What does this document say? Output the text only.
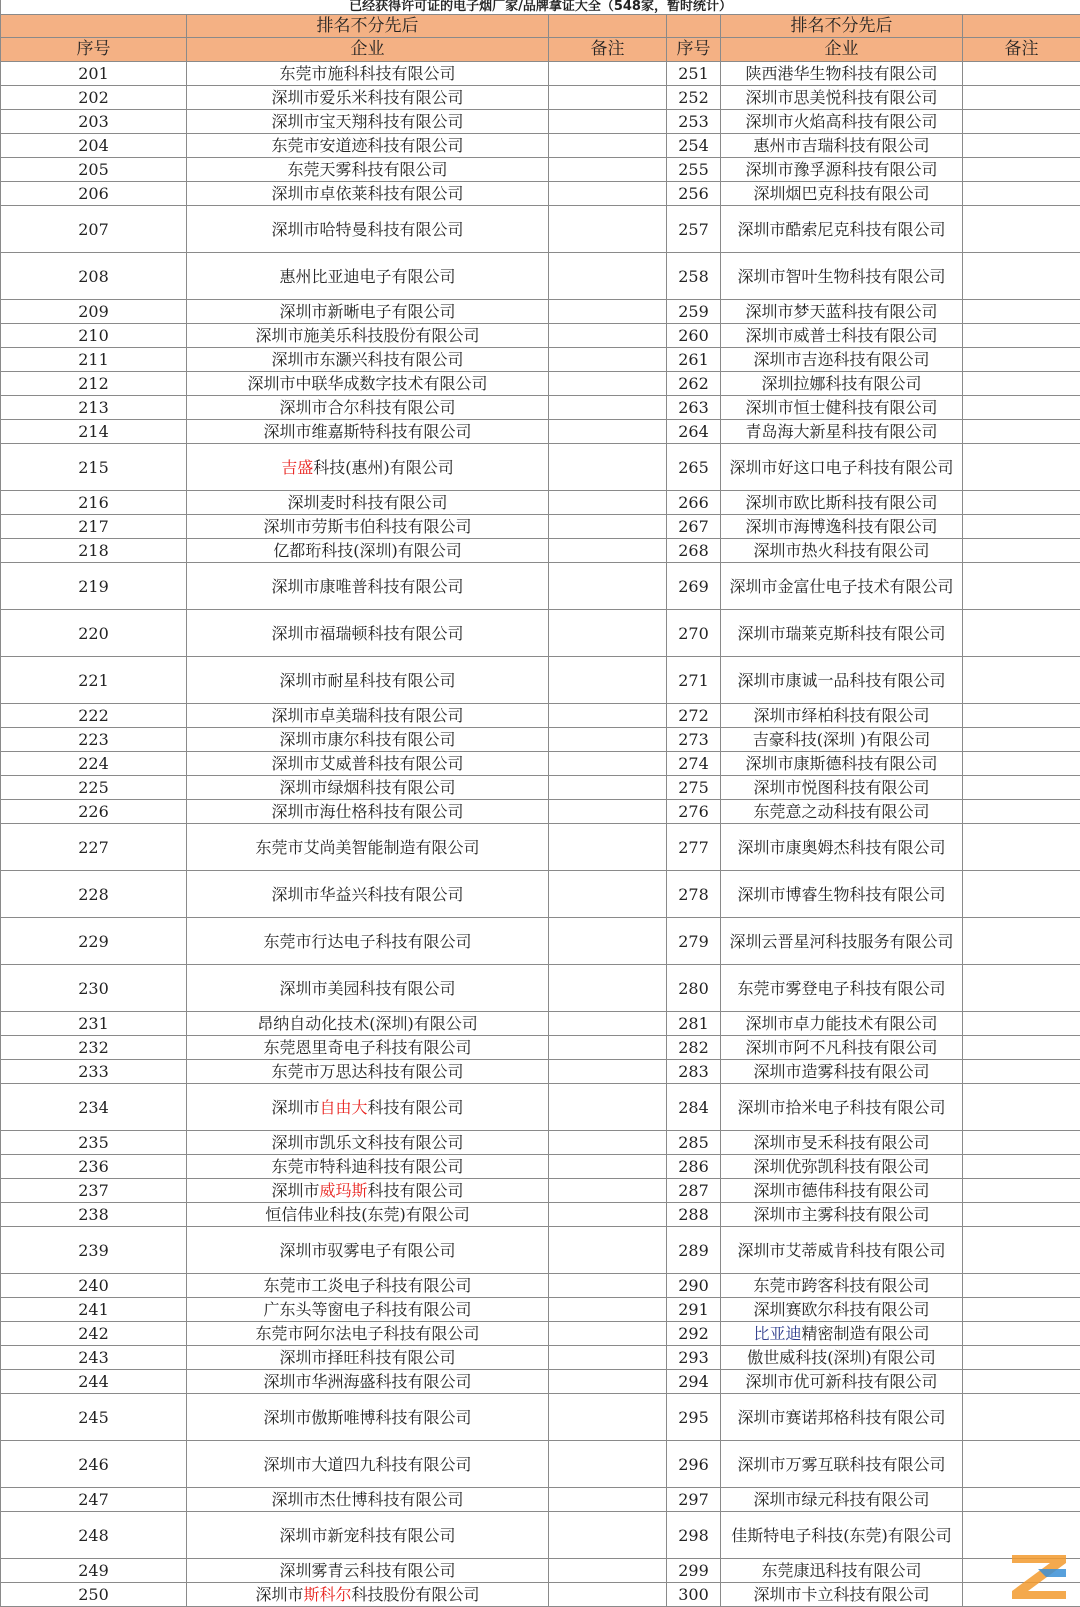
已经获得许可证的电子烟厂家/品牌拿证大全（548家，暂时统计）					
	排名不分先后			排名不分先后	
序号	企业	备注	序号	企业	备注
201	东莞市施科科技有限公司		251	陕西港华生物科技有限公司	
202	深圳市爱乐米科技有限公司		252	深圳市思美悦科技有限公司	
203	深圳市宝天翔科技有限公司		253	深圳市火焰高科技有限公司	
204	东莞市安道迹科技有限公司		254	惠州市吉瑞科技有限公司	
205	东莞天雾科技有限公司		255	深圳市豫孚源科技有限公司	
206	深圳市卓依莱科技有限公司		256	深圳烟巴克科技有限公司	
207	深圳市哈特曼科技有限公司		257	深圳市酷索尼克科技有限公司	
208	惠州比亚迪电子有限公司		258	深圳市智叶生物科技有限公司	
209	深圳市新晰电子有限公司		259	深圳市梦天蓝科技有限公司	
210	深圳市施美乐科技股份有限公司		260	深圳市威普士科技有限公司	
211	深圳市东灏兴科技有限公司		261	深圳市吉迩科技有限公司	
212	深圳市中联华成数字技术有限公司		262	深圳拉娜科技有限公司	
213	深圳市合尔科技有限公司		263	深圳市恒士健科技有限公司	
214	深圳市维嘉斯特科技有限公司		264	青岛海大新星科技有限公司	
215	吉盛科技(惠州)有限公司		265	深圳市好这口电子科技有限公司	
216	深圳麦时科技有限公司		266	深圳市欧比斯科技有限公司	
217	深圳市劳斯韦伯科技有限公司		267	深圳市海博逸科技有限公司	
218	亿都珩科技(深圳)有限公司		268	深圳市热火科技有限公司	
219	深圳市康唯普科技有限公司		269	深圳市金富仕电子技术有限公司	
220	深圳市福瑞顿科技有限公司		270	深圳市瑞莱克斯科技有限公司	
221	深圳市耐星科技有限公司		271	深圳市康诚一品科技有限公司	
222	深圳市卓美瑞科技有限公司		272	深圳市绎柏科技有限公司	
223	深圳市康尔科技有限公司		273	吉豪科技(深圳 )有限公司	
224	深圳市艾威普科技有限公司		274	深圳市康斯德科技有限公司	
225	深圳市绿烟科技有限公司		275	深圳市悦图科技有限公司	
226	深圳市海仕格科技有限公司		276	东莞意之动科技有限公司	
227	东莞市艾尚美智能制造有限公司		277	深圳市康奥姆杰科技有限公司	
228	深圳市华益兴科技有限公司		278	深圳市博睿生物科技有限公司	
229	东莞市行达电子科技有限公司		279	深圳云晋星河科技服务有限公司	
230	深圳市美园科技有限公司		280	东莞市雾登电子科技有限公司	
231	昂纳自动化技术(深圳)有限公司		281	深圳市卓力能技术有限公司	
232	东莞恩里奇电子科技有限公司		282	深圳市阿不凡科技有限公司	
233	东莞市万思达科技有限公司		283	深圳市造雾科技有限公司	
234	深圳市自由大科技有限公司		284	深圳市拾米电子科技有限公司	
235	深圳市凯乐文科技有限公司		285	深圳市旻禾科技有限公司	
236	东莞市特科迪科技有限公司		286	深圳优弥凯科技有限公司	
237	深圳市威玛斯科技有限公司		287	深圳市德伟科技有限公司	
238	恒信伟业科技(东莞)有限公司		288	深圳市主雾科技有限公司	
239	深圳市驭雾电子有限公司		289	深圳市艾蒂威肯科技有限公司	
240	东莞市工炎电子科技有限公司		290	东莞市跨客科技有限公司	
241	广东头等窗电子科技有限公司		291	深圳赛欧尔科技有限公司	
242	东莞市阿尔法电子科技有限公司		292	比亚迪精密制造有限公司	
243	深圳市择旺科技有限公司		293	傲世威科技(深圳)有限公司	
244	深圳市华洲海盛科技有限公司		294	深圳市优可新科技有限公司	
245	深圳市傲斯唯博科技有限公司		295	深圳市赛诺邦格科技有限公司	
246	深圳市大道四九科技有限公司		296	深圳市万雾互联科技有限公司	
247	深圳市杰仕博科技有限公司		297	深圳市绿元科技有限公司	
248	深圳市新宠科技有限公司		298	佳斯特电子科技(东莞)有限公司	
249	深圳雾青云科技有限公司		299	东莞康迅科技有限公司	
250	深圳市斯科尔科技股份有限公司		300	深圳市卡立科技有限公司	
